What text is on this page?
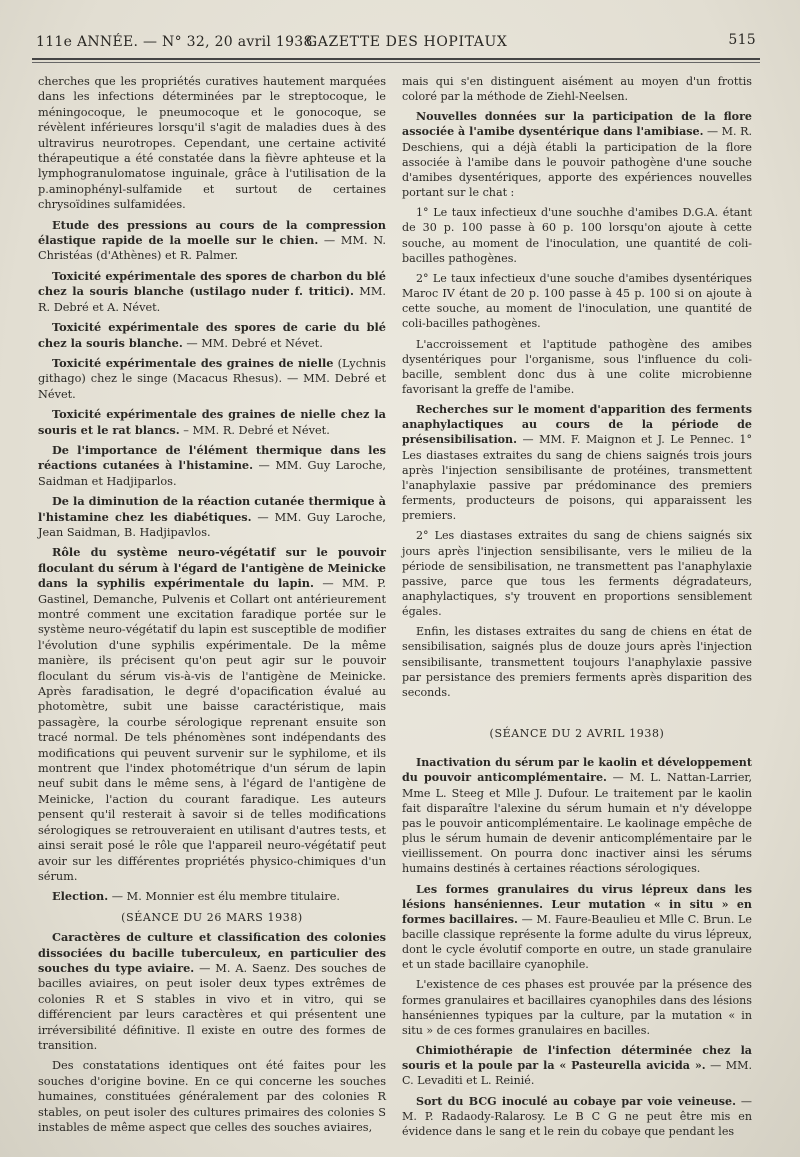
111e ANNÉE. — N° 32, 20 avril 1938.
GAZETTE DES HOPITAUX	515

cherches que les propriétés curatives hautement marquées dans les infections déterminées par le streptocoque, le méningocoque, le pneumocoque et le gonocoque, se révèlent inférieures lorsqu'il s'agit de maladies dues à des ultravirus neurotropes. Cependant, une certaine activité thérapeutique a été constatée dans la fièvre aphteuse et la lymphogranulomatose inguinale, grâce à l'utilisation de la p.aminophényl-sulfamide et surtout de certaines chrysoïdines sulfamidées.

Etude des pressions au cours de la compression élastique rapide de la moelle sur le chien. — MM. N. Christéas (d'Athènes) et R. Palmer.

Toxicité expérimentale des spores de charbon du blé chez la souris blanche (ustilago nuder f. tritici). MM. R. Debré et A. Névet.

Toxicité expérimentale des spores de carie du blé chez la souris blanche. — MM. Debré et Névet.

Toxicité expérimentale des graines de nielle (Lychnis githago) chez le singe (Macacus Rhesus). — MM. Debré et Névet.

Toxicité expérimentale des graines de nielle chez la souris et le rat blancs. – MM. R. Debré et Névet.

De l'importance de l'élément thermique dans les réactions cutanées à l'histamine. — MM. Guy Laroche, Saidman et Hadjiparlos.

De la diminution de la réaction cutanée thermique à l'histamine chez les diabétiques. — MM. Guy Laroche, Jean Saidman, B. Hadjipavlos.

Rôle du système neuro-végétatif sur le pouvoir floculant du sérum à l'égard de l'antigène de Meinicke dans la syphilis expérimentale du lapin. — MM. P. Gastinel, Demanche, Pulvenis et Collart ont antérieurement montré comment une excitation faradique portée sur le système neuro-végétatif du lapin est susceptible de modifier l'évolution d'une syphilis expérimentale. De la même manière, ils précisent qu'on peut agir sur le pouvoir floculant du sérum vis-à-vis de l'antigène de Meinicke. Après faradisation, le degré d'opacification évalué au photomètre, subit une baisse caractéristique, mais passagère, la courbe sérologique reprenant ensuite son tracé normal. De tels phénomènes sont indépendants des modifications qui peuvent survenir sur le syphilome, et ils montrent que l'index photométrique d'un sérum de lapin neuf subit dans le même sens, à l'égard de l'antigène de Meinicke, l'action du courant faradique. Les auteurs pensent qu'il resterait à savoir si de telles modifications sérologiques se retrouveraient en utilisant d'autres tests, et ainsi serait posé le rôle que l'appareil neuro-végétatif peut avoir sur les différentes propriétés physico-chimiques d'un sérum.

Election. — M. Monnier est élu membre titulaire.

(SÉANCE DU 26 MARS 1938)

Caractères de culture et classification des colonies dissociées du bacille tuberculeux, en particulier des souches du type aviaire. — M. A. Saenz. Des souches de bacilles aviaires, on peut isoler deux types extrêmes de colonies R et S stables in vivo et in vitro, qui se différencient par leurs caractères et qui présentent une irréversibilité définitive. Il existe en outre des formes de transition.

Des constatations identiques ont été faites pour les souches d'origine bovine. En ce qui concerne les souches humaines, constituées généralement par des colonies R stables, on peut isoler des cultures primaires des colonies S instables de même aspect que celles des souches aviaires,

mais qui s'en distinguent aisément au moyen d'un frottis coloré par la méthode de Ziehl-Neelsen.

Nouvelles données sur la participation de la flore associée à l'amibe dysentérique dans l'amibiase. — M. R. Deschiens, qui a déjà établi la participation de la flore associée à l'amibe dans le pouvoir pathogène d'une souche d'amibes dysentériques, apporte des expériences nouvelles portant sur le chat :

1° Le taux infectieux d'une souchhe d'amibes D.G.A. étant de 30 p. 100 passe à 60 p. 100 lorsqu'on ajoute à cette souche, au moment de l'inoculation, une quantité de coli-bacilles pathogènes.

2° Le taux infectieux d'une souche d'amibes dysentériques Maroc IV étant de 20 p. 100 passe à 45 p. 100 si on ajoute à cette souche, au moment de l'inoculation, une quantité de coli-bacilles pathogènes.

L'accroissement et l'aptitude pathogène des amibes dysentériques pour l'organisme, sous l'influence du coli-bacille, semblent donc dus à une colite microbienne favorisant la greffe de l'amibe.

Recherches sur le moment d'apparition des ferments anaphylactiques au cours de la période de présensibilisation. — MM. F. Maignon et J. Le Pennec. 1° Les diastases extraites du sang de chiens saignés trois jours après l'injection sensibilisante de protéines, transmettent l'anaphylaxie passive par prédominance des premiers ferments, producteurs de poisons, qui apparaissent les premiers.

2° Les diastases extraites du sang de chiens saignés six jours après l'injection sensibilisante, vers le milieu de la période de sensibilisation, ne transmettent pas l'anaphylaxie passive, parce que tous les ferments dégradateurs, anaphylactiques, s'y trouvent en proportions sensiblement égales.

Enfin, les distases extraites du sang de chiens en état de sensibilisation, saignés plus de douze jours après l'injection sensibilisante, transmettent toujours l'anaphylaxie passive par persistance des premiers ferments après disparition des seconds.

(SÉANCE DU 2 AVRIL 1938)

Inactivation du sérum par le kaolin et développement du pouvoir anticomplémentaire. — M. L. Nattan-Larrier, Mme L. Steeg et Mlle J. Dufour. Le traitement par le kaolin fait disparaître l'alexine du sérum humain et n'y développe pas le pouvoir anticomplémentaire. Le kaolinage empêche de plus le sérum humain de devenir anticomplémentaire par le vieillissement. On pourra donc inactiver ainsi les sérums humains destinés à certaines réactions sérologiques.

Les formes granulaires du virus lépreux dans les lésions hanséniennes. Leur mutation « in situ » en formes bacillaires. — M. Faure-Beaulieu et Mlle C. Brun. Le bacille classique représente la forme adulte du virus lépreux, dont le cycle évolutif comporte en outre, un stade granulaire et un stade bacillaire cyanophile.

L'existence de ces phases est prouvée par la présence des formes granulaires et bacillaires cyanophiles dans des lésions hanséniennes typiques par la culture, par la mutation « in situ » de ces formes granulaires en bacilles.

Chimiothérapie de l'infection déterminée chez la souris et la poule par la « Pasteurella avicida ». — MM. C. Levaditi et L. Reinié.

Sort du BCG inoculé au cobaye par voie veineuse. — M. P. Radaody-Ralarosy. Le B C G ne peut être mis en évidence dans le sang et le rein du cobaye que pendant les
